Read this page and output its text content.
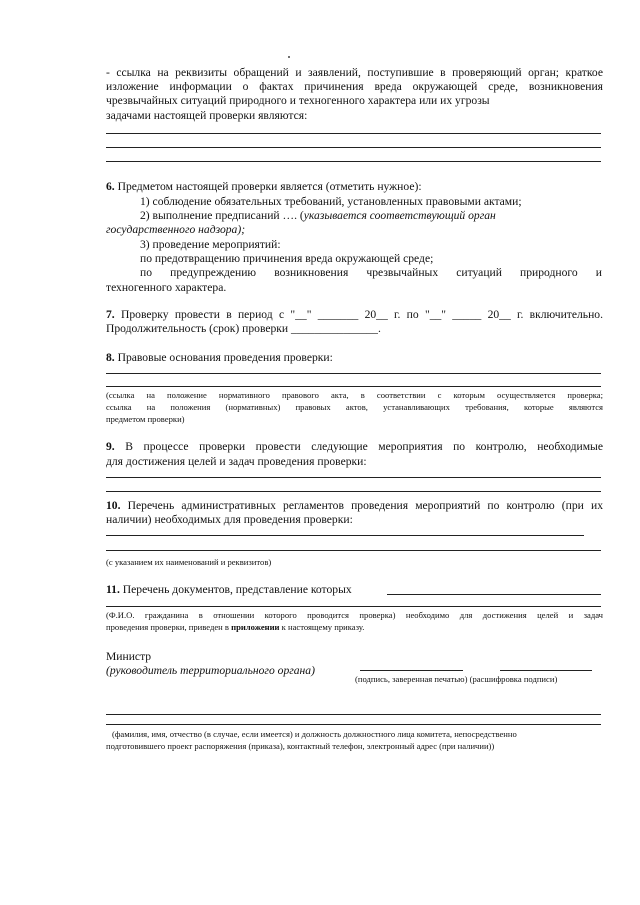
- ссылка на реквизиты обращений и заявлений, поступившие в проверяющий орган; краткое
изложение информации о фактах причинения вреда окружающей среде, возникновения
чрезвычайных ситуаций природного и техногенного характера или их угрозы
задачами настоящей проверки являются:
6. Предметом настоящей проверки является (отметить нужное):
1) соблюдение обязательных требований, установленных правовыми актами;
2) выполнение предписаний …. (указывается соответствующий орган
государственного надзора);
3) проведение мероприятий:
по предотвращению причинения вреда окружающей среде;
по предупреждению возникновения чрезвычайных ситуаций природного и
техногенного характера.
7. Проверку провести в период с "__" _______ 20__ г. по "__" _____ 20__ г. включительно.
Продолжительность (срок) проверки _______________.
8. Правовые основания проведения проверки:
(ссылка на положение нормативного правового акта, в соответствии с которым осуществляется проверка;
ссылка на положения (нормативных) правовых актов, устанавливающих требования, которые являются
предметом проверки)
9. В процессе проверки провести следующие мероприятия по контролю, необходимые
для достижения целей и задач проведения проверки:
10. Перечень административных регламентов проведения мероприятий по контролю (при их
наличии) необходимых для проведения проверки:
(с указанием их наименований и реквизитов)
11. Перечень документов, представление которых
(Ф.И.О. гражданина в отношении которого проводится проверка) необходимо для достижения целей и задач
проведения проверки, приведен в приложении к настоящему приказу.
Министр
(руководитель территориального органа)
(подпись, заверенная печатью) (расшифровка подписи)
(фамилия, имя, отчество (в случае, если имеется) и должность должностного лица комитета, непосредственно
подготовившего проект распоряжения (приказа), контактный телефон, электронный адрес (при наличии))
